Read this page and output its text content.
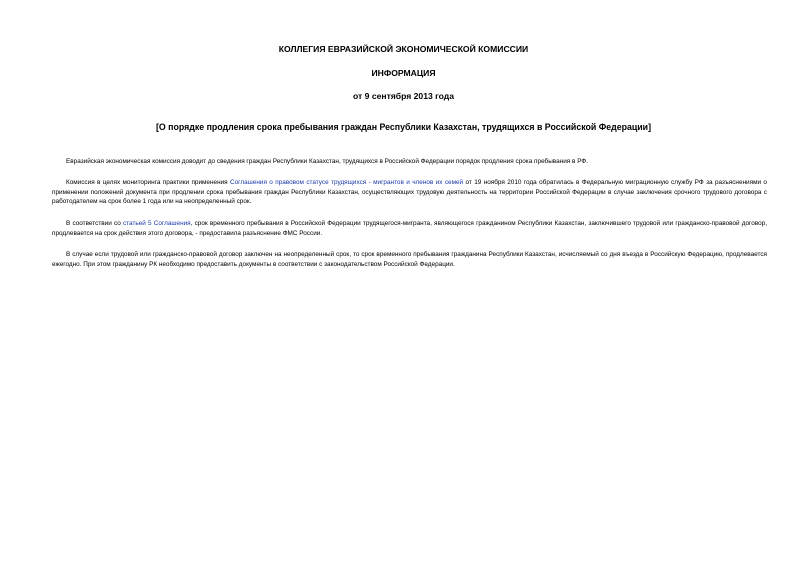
КОЛЛЕГИЯ ЕВРАЗИЙСКОЙ ЭКОНОМИЧЕСКОЙ КОМИССИИ
ИНФОРМАЦИЯ
от 9 сентября 2013 года
[О порядке продления срока пребывания граждан Республики Казахстан, трудящихся в Российской Федерации]

Евразийская экономическая комиссия доводит до сведения граждан Республики Казахстан, трудящихся в Российской Федерации порядок продления срока пребывания в РФ.

Комиссия в целях мониторинга практики применения Соглашения о правовом статусе трудящихся - мигрантов и членов их семей от 19 ноября 2010 года обратилась в Федеральную миграционную службу РФ за разъяснениями о применении положений документа при продлении срока пребывания граждан Республики Казахстан, осуществляющих трудовую деятельность на территории Российской Федерации в случае заключения срочного трудового договора с работодателем на срок более 1 года или на неопределенный срок.

В соответствии со статьей 5 Соглашения, срок временного пребывания в Российской Федерации трудящегося-мигранта, являющегося гражданином Республики Казахстан, заключившего трудовой или гражданско-правовой договор, продлевается на срок действия этого договора, - предоставила разъяснение ФМС России.

В случае если трудовой или гражданско-правовой договор заключен на неопределенный срок, то срок временного пребывания гражданина Республики Казахстан, исчисляемый со дня въезда в Российскую Федерацию, продлевается ежегодно. При этом гражданину РК необходимо предоставить документы в соответствии с законодательством Российской Федерации.
